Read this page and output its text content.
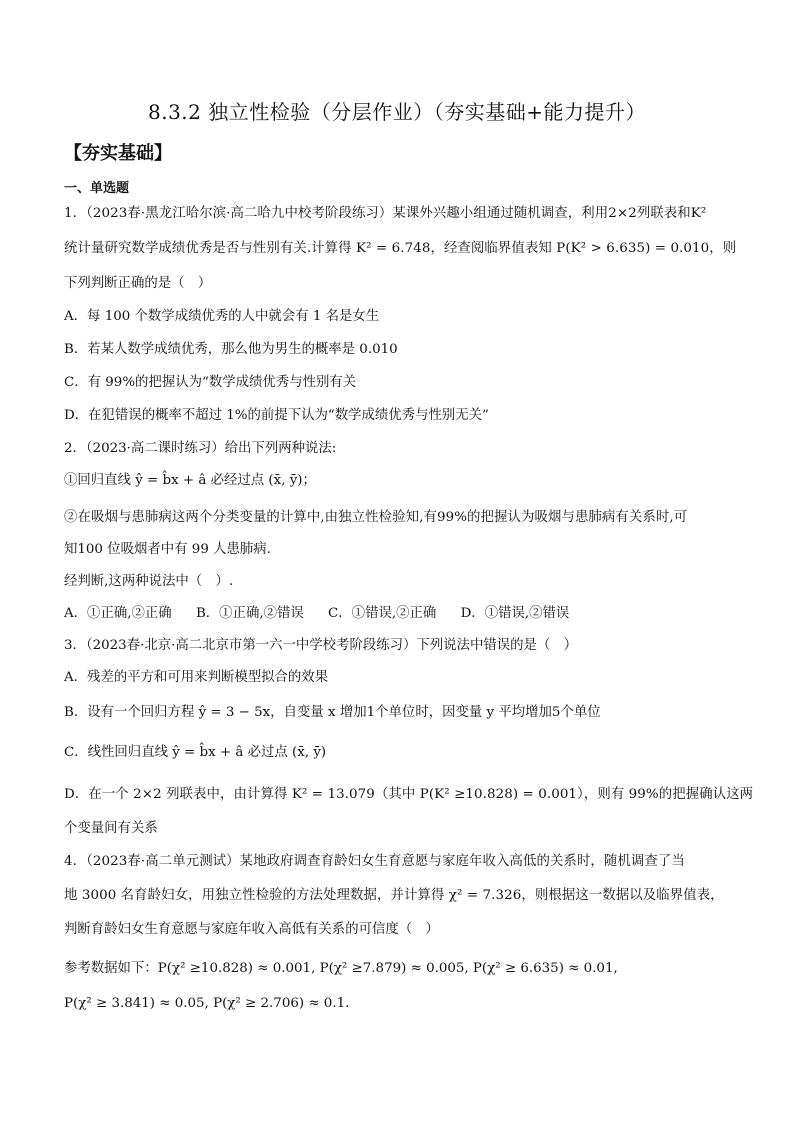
8.3.2 独立性检验（分层作业）（夯实基础+能力提升）
【夯实基础】
一、单选题
1．（2023春·黑龙江哈尔滨·高二哈九中校考阶段练习）某课外兴趣小组通过随机调查，利用2×2列联表和K²
统计量研究数学成绩优秀是否与性别有关.计算得 K² = 6.748，经查阅临界值表知 P(K² > 6.635) = 0.010，则
下列判断正确的是（　）
A．每 100 个数学成绩优秀的人中就会有 1 名是女生
B．若某人数学成绩优秀，那么他为男生的概率是 0.010
C．有 99%的把握认为“数学成绩优秀与性别有关
D．在犯错误的概率不超过 1%的前提下认为“数学成绩优秀与性别无关”
2．（2023·高二课时练习）给出下列两种说法:
①回归直线 ŷ = b̂x + â 必经过点 (x̄, ȳ)；
②在吸烟与患肺病这两个分类变量的计算中,由独立性检验知,有99%的把握认为吸烟与患肺病有关系时,可
知100 位吸烟者中有 99 人患肺病.
经判断,这两种说法中（　）.
A．①正确,②正确 B．①正确,②错误 C．①错误,②正确 D．①错误,②错误
3．（2023春·北京·高二北京市第一六一中学校考阶段练习）下列说法中错误的是（　）
A．残差的平方和可用来判断模型拟合的效果
B．设有一个回归方程 ŷ = 3 − 5x，自变量 x 增加1个单位时，因变量 y 平均增加5个单位
C．线性回归直线 ŷ = b̂x + â 必过点 (x̄, ȳ)
D．在一个 2×2 列联表中，由计算得 K² = 13.079（其中 P(K² ≥10.828) = 0.001），则有 99%的把握确认这两
个变量间有关系
4．（2023春·高二单元测试）某地政府调查育龄妇女生育意愿与家庭年收入高低的关系时，随机调查了当
地 3000 名育龄妇女，用独立性检验的方法处理数据，并计算得 χ² = 7.326，则根据这一数据以及临界值表，
判断育龄妇女生育意愿与家庭年收入高低有关系的可信度（　）
参考数据如下：P(χ² ≥10.828) ≈ 0.001, P(χ² ≥7.879) ≈ 0.005, P(χ² ≥ 6.635) ≈ 0.01,
P(χ² ≥ 3.841) ≈ 0.05, P(χ² ≥ 2.706) ≈ 0.1.
